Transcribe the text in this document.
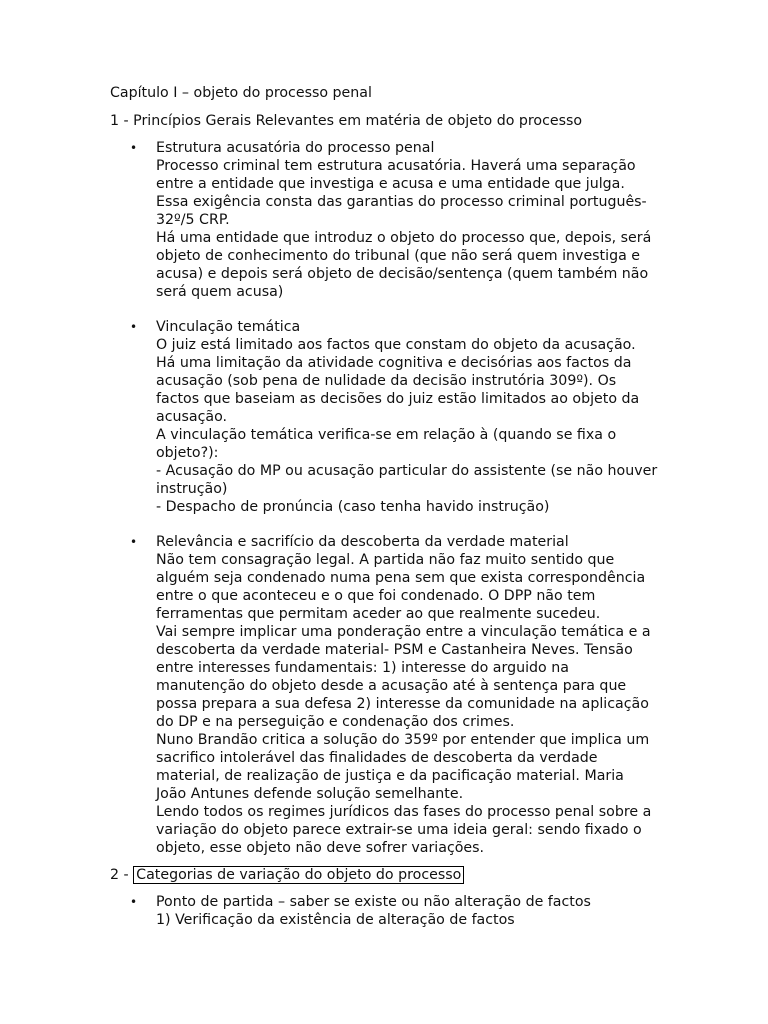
Capítulo I – objeto do processo penal
1 - Princípios Gerais Relevantes em matéria de objeto do processo
• Estrutura acusatória do processo penal
Processo criminal tem estrutura acusatória. Haverá uma separação
entre a entidade que investiga e acusa e uma entidade que julga.
Essa exigência consta das garantias do processo criminal português-
32º/5 CRP.
Há uma entidade que introduz o objeto do processo que, depois, será
objeto de conhecimento do tribunal (que não será quem investiga e
acusa) e depois será objeto de decisão/sentença (quem também não
será quem acusa)
• Vinculação temática
O juiz está limitado aos factos que constam do objeto da acusação.
Há uma limitação da atividade cognitiva e decisórias aos factos da
acusação (sob pena de nulidade da decisão instrutória 309º). Os
factos que baseiam as decisões do juiz estão limitados ao objeto da
acusação.
A vinculação temática verifica-se em relação à (quando se fixa o
objeto?):
- Acusação do MP ou acusação particular do assistente (se não houver
instrução)
- Despacho de pronúncia (caso tenha havido instrução)
• Relevância e sacrifício da descoberta da verdade material
Não tem consagração legal. A partida não faz muito sentido que
alguém seja condenado numa pena sem que exista correspondência
entre o que aconteceu e o que foi condenado. O DPP não tem
ferramentas que permitam aceder ao que realmente sucedeu.
Vai sempre implicar uma ponderação entre a vinculação temática e a
descoberta da verdade material- PSM e Castanheira Neves. Tensão
entre interesses fundamentais: 1) interesse do arguido na
manutenção do objeto desde a acusação até à sentença para que
possa prepara a sua defesa 2) interesse da comunidade na aplicação
do DP e na perseguição e condenação dos crimes.
Nuno Brandão critica a solução do 359º por entender que implica um
sacrifico intolerável das finalidades de descoberta da verdade
material, de realização de justiça e da pacificação material. Maria
João Antunes defende solução semelhante.
Lendo todos os regimes jurídicos das fases do processo penal sobre a
variação do objeto parece extrair-se uma ideia geral: sendo fixado o
objeto, esse objeto não deve sofrer variações.
2 - Categorias de variação do objeto do processo
• Ponto de partida – saber se existe ou não alteração de factos
1) Verificação da existência de alteração de factos
